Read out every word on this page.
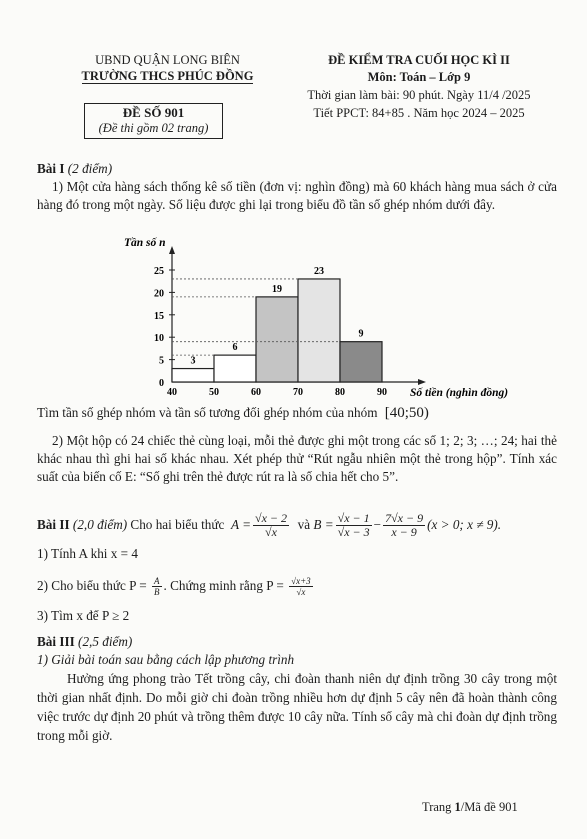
UBND QUẬN LONG BIÊN
TRƯỜNG THCS PHÚC ĐỒNG
ĐỀ SỐ 901
(Đề thi gồm 02 trang)
ĐỀ KIỂM TRA CUỐI HỌC KÌ II
Môn: Toán – Lớp 9
Thời gian làm bài: 90 phút. Ngày 11/4 /2025
Tiết PPCT: 84+85 . Năm học 2024 – 2025
Bài I (2 điểm)
1) Một cửa hàng sách thống kê số tiền (đơn vị: nghìn đồng) mà 60 khách hàng mua sách ở cửa hàng đó trong một ngày. Số liệu được ghi lại trong biểu đồ tần số ghép nhóm dưới đây.
0
5
10
15
20
25
3
6
19
23
9
40	50	60	70	80	90
Tần số n
Số tiền (nghìn đồng)
Tìm tần số ghép nhóm và tần số tương đối ghép nhóm của nhóm [40;50)
2) Một hộp có 24 chiếc thẻ cùng loại, mỗi thẻ được ghi một trong các số 1; 2; 3; …; 24; hai thẻ khác nhau thì ghi hai số khác nhau. Xét phép thử “Rút ngẫu nhiên một thẻ trong hộp”. Tính xác suất của biến cố E: “Số ghi trên thẻ được rút ra là số chia hết cho 5”.
Bài II
(2,0 điểm)
Cho hai biểu thức
$A = \frac{√x - 2}{√x}$
và
$B = \frac{√x - 1}{√x - 3} - \frac{7√x - 9}{x - 9} (x > 0$; x ≠ 9).
1) Tính A khi x = 4
2) Cho biểu thức P =
$\frac{A}{B}$ . Chứng minh rằng P =
$\frac{√x+3}{√x}$
3) Tìm x để P ≥ 2
Bài III (2,5 điểm)
1) Giải bài toán sau bằng cách lập phương trình
Hưởng ứng phong trào Tết trồng cây, chi đoàn thanh niên dự định trồng 30 cây trong một thời gian nhất định. Do mỗi giờ chi đoàn trồng nhiều hơn dự định 5 cây nên đã hoàn thành công việc trước dự định 20 phút và trồng thêm được 10 cây nữa. Tính số cây mà chi đoàn dự định trồng trong mỗi giờ.
Trang 1/Mã đề 901
